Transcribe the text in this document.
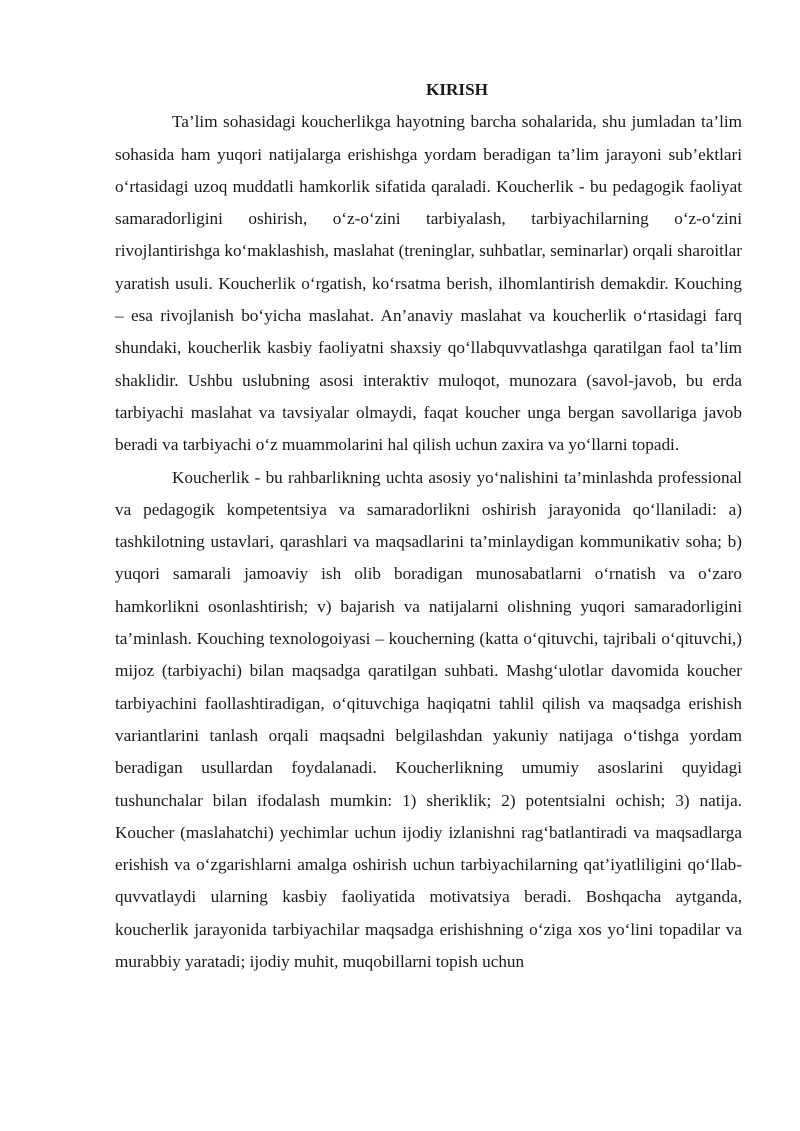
KIRISH

Ta’lim sohasidagi koucherlikga hayotning barcha sohalarida, shu jumladan ta’lim sohasida ham yuqori natijalarga erishishga yordam beradigan ta’lim jarayoni sub’ektlari o‘rtasidagi uzoq muddatli hamkorlik sifatida qaraladi. Koucherlik - bu pedagogik faoliyat samaradorligini oshirish, o‘z-o‘zini tarbiyalash, tarbiyachilarning o‘z-o‘zini rivojlantirishga ko‘maklashish, maslahat (treninglar, suhbatlar, seminarlar) orqali sharoitlar yaratish usuli. Koucherlik o‘rgatish, ko‘rsatma berish, ilhomlantirish demakdir. Kouching – esa rivojlanish bo‘yicha maslahat. An’anaviy maslahat va koucherlik o‘rtasidagi farq shundaki, koucherlik kasbiy faoliyatni shaxsiy qo‘llabquvvatlashga qaratilgan faol ta’lim shaklidir. Ushbu uslubning asosi interaktiv muloqot, munozara (savol-javob, bu erda tarbiyachi maslahat va tavsiyalar olmaydi, faqat koucher unga bergan savollariga javob beradi va tarbiyachi o‘z muammolarini hal qilish uchun zaxira va yo‘llarni topadi.

Koucherlik - bu rahbarlikning uchta asosiy yo‘nalishini ta’minlashda professional va pedagogik kompetentsiya va samaradorlikni oshirish jarayonida qo‘llaniladi: a) tashkilotning ustavlari, qarashlari va maqsadlarini ta’minlaydigan kommunikativ soha; b) yuqori samarali jamoaviy ish olib boradigan munosabatlarni o‘rnatish va o‘zaro hamkorlikni osonlashtirish; v) bajarish va natijalarni olishning yuqori samaradorligini ta’minlash. Kouching texnologoiyasi – koucherning (katta o‘qituvchi, tajribali o‘qituvchi,) mijoz (tarbiyachi) bilan maqsadga qaratilgan suhbati. Mashg‘ulotlar davomida koucher tarbiyachini faollashtiradigan, o‘qituvchiga haqiqatni tahlil qilish va maqsadga erishish variantlarini tanlash orqali maqsadni belgilashdan yakuniy natijaga o‘tishga yordam beradigan usullardan foydalanadi. Koucherlikning umumiy asoslarini quyidagi tushunchalar bilan ifodalash mumkin: 1) sheriklik; 2) potentsialni ochish; 3) natija. Koucher (maslahatchi) yechimlar uchun ijodiy izlanishni rag‘batlantiradi va maqsadlarga erishish va o‘zgarishlarni amalga oshirish uchun tarbiyachilarning qat’iyatliligini qo‘llab-quvvatlaydi ularning kasbiy faoliyatida motivatsiya beradi. Boshqacha aytganda, koucherlik jarayonida tarbiyachilar maqsadga erishishning o‘ziga xos yo‘lini topadilar va murabbiy yaratadi; ijodiy muhit, muqobillarni topish uchun
